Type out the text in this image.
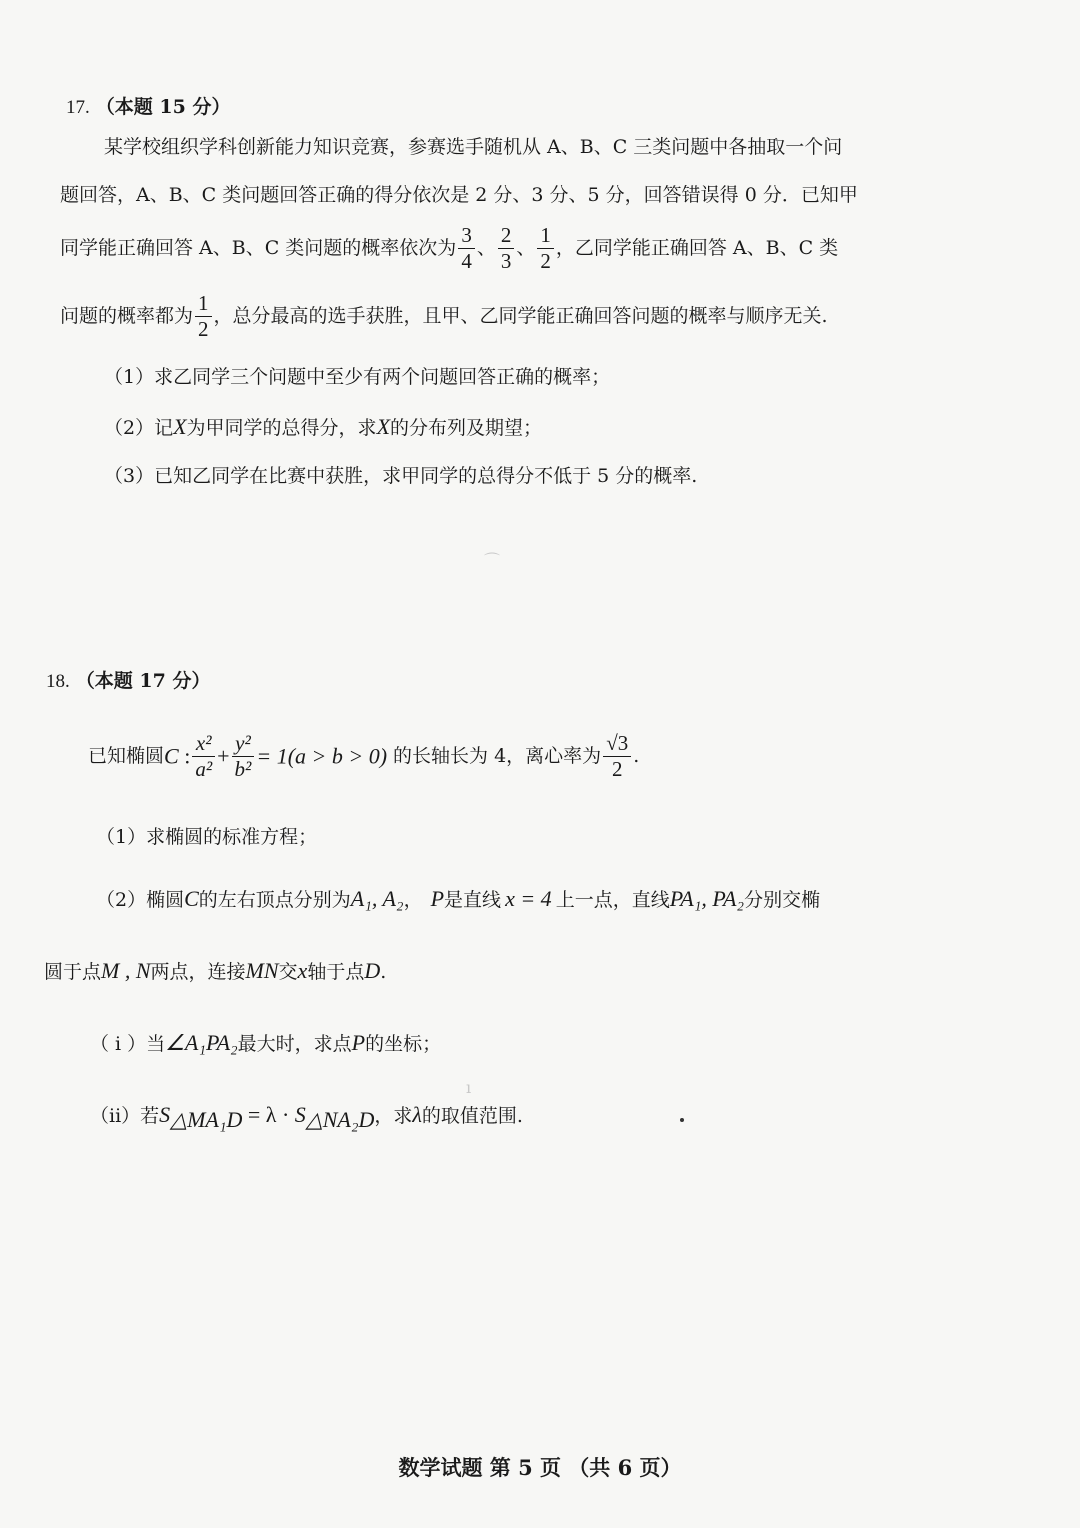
17. （本题 15 分）
某学校组织学科创新能力知识竞赛，参赛选手随机从 A、B、C 三类问题中各抽取一个问
题回答，A、B、C 类问题回答正确的得分依次是 2 分、3 分、5 分，回答错误得 0 分．已知甲
同学能正确回答 A、B、C 类问题的概率依次为 $\frac{3}{4}$ 、 $\frac{2}{3}$ 、 $\frac{1}{2}$ ，乙同学能正确回答 A、B、C 类
问题的概率都为 $\frac{1}{2}$ ，总分最高的选手获胜，且甲、乙同学能正确回答问题的概率与顺序无关.
（1）求乙同学三个问题中至少有两个问题回答正确的概率；
（2）记X为甲同学的总得分，求X的分布列及期望；
（3）已知乙同学在比赛中获胜，求甲同学的总得分不低于 5 分的概率.
⌒
18. （本题 17 分）
已知椭圆C : $\frac{\text{x²}}{\text{a²}} + \frac{\text{y²}}{\text{b²}} = 1(a > b > 0)$ 的长轴长为 4，离心率为 $\frac{√3}{2}$ .
（1）求椭圆的标准方程；
（2）椭圆C的左右顶点分别为A₁, A₂， P是直线 x = 4 上一点，直线PA₁, PA₂分别交椭
圆于点M , N两点，连接MN交x轴于点D.
（ i ）当∠A₁PA₂最大时，求点P的坐标；
（ii）若$S_{\triangle MA_1D} = \lambda \cdot S_{\triangle NA_2D}$，求λ的取值范围.
ı
数学试题 第 5 页 （共 6 页）
